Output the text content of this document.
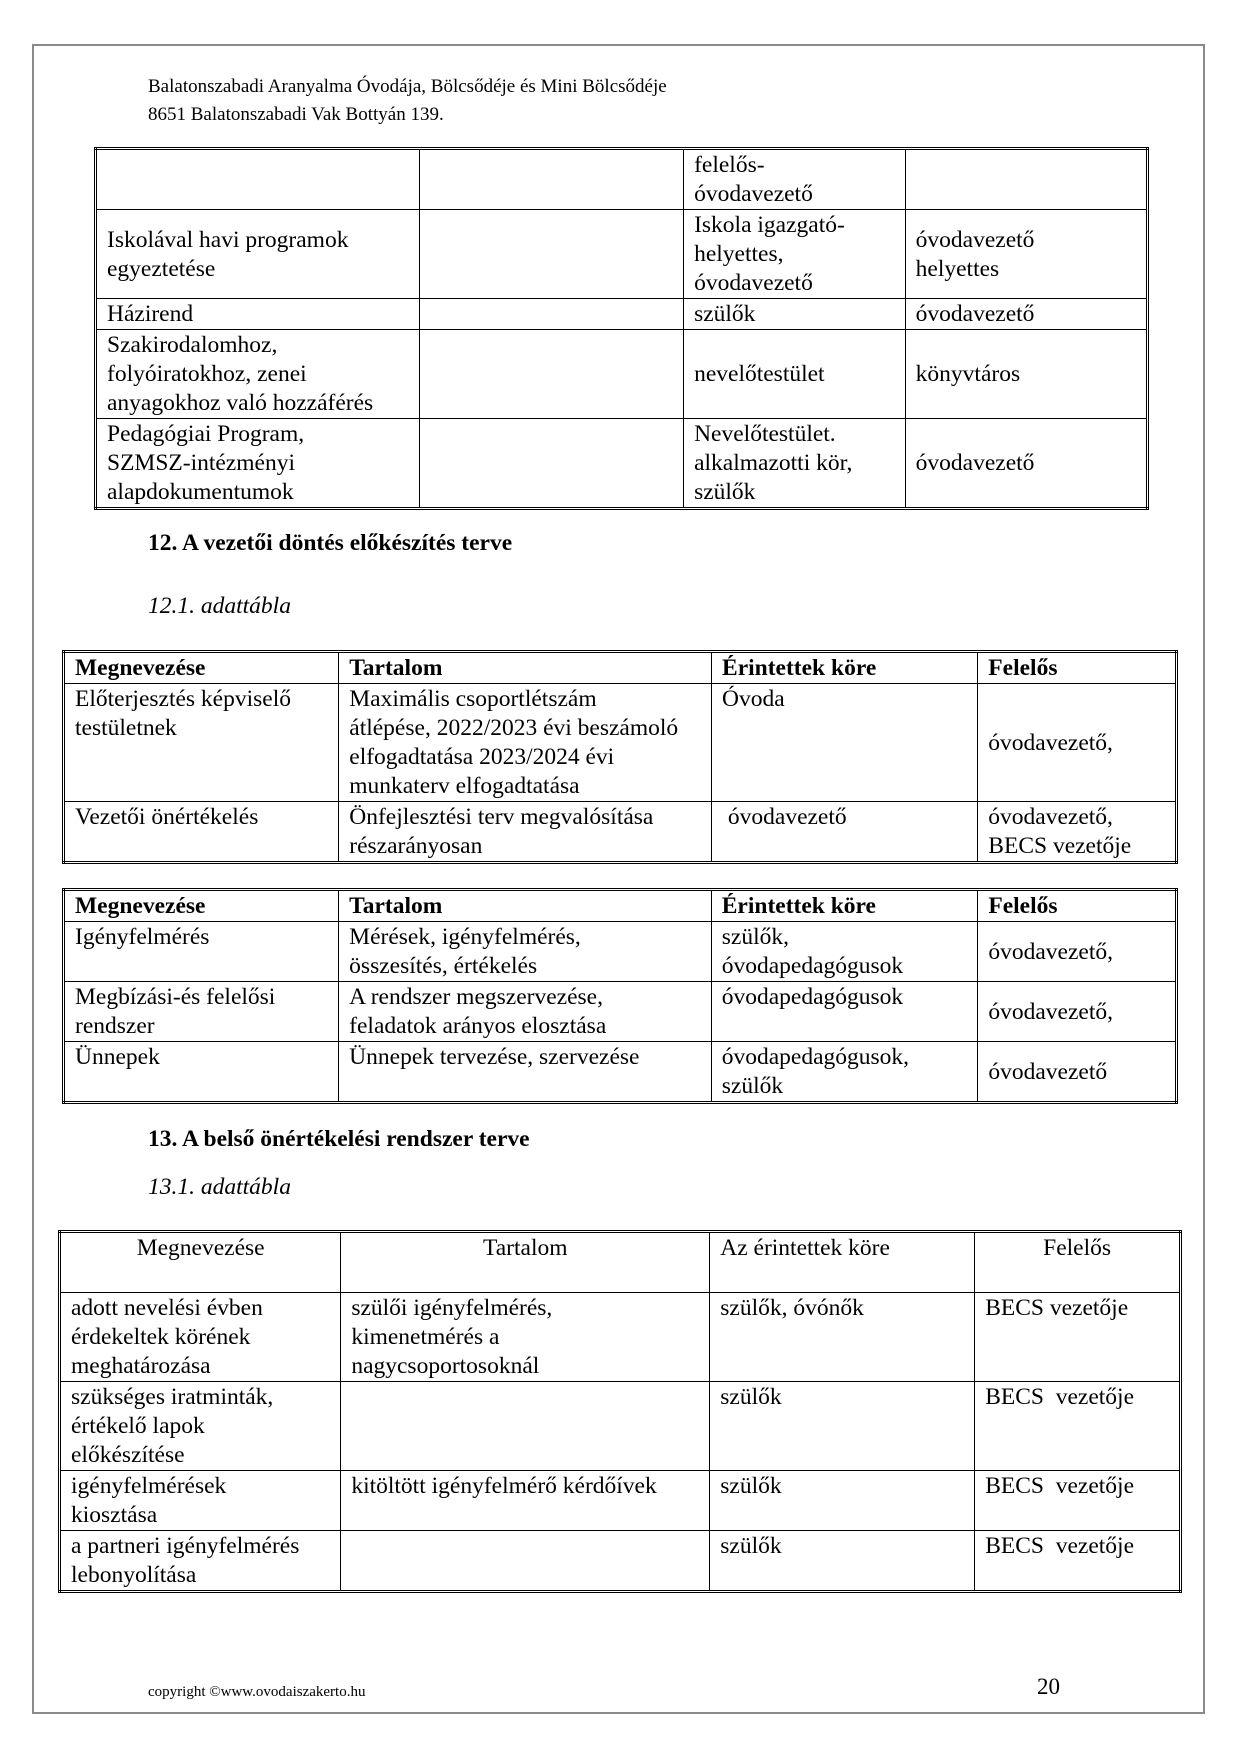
Balatonszabadi Aranyalma Óvodája, Bölcsődéje és Mini Bölcsődéje
8651 Balatonszabadi Vak Bottyán 139.
		felelős-
óvodavezető	
Iskolával havi programok egyeztetése		Iskola igazgató-
helyettes,
óvodavezető	óvodavezető
helyettes
Házirend		szülők	óvodavezető
Szakirodalomhoz,
folyóiratokhoz, zenei
anyagokhoz való hozzáférés		nevelőtestület	könyvtáros
Pedagógiai Program,
SZMSZ-intézményi
alapdokumentumok		Nevelőtestület.
alkalmazotti kör,
szülők	óvodavezető
12. A vezetői döntés előkészítés terve
12.1. adattábla
Megnevezése	Tartalom	Érintettek köre	Felelős
Előterjesztés képviselő
testületnek	Maximális csoportlétszám
átlépése, 2022/2023 évi beszámoló
elfogadtatása 2023/2024 évi
munkaterv elfogadtatása	Óvoda	óvodavezető,
Vezetői önértékelés	Önfejlesztési terv megvalósítása
részarányosan	óvodavezető	óvodavezető,
BECS vezetője
Megnevezése	Tartalom	Érintettek köre	Felelős
Igényfelmérés	Mérések, igényfelmérés,
összesítés, értékelés	szülők,
óvodapedagógusok	óvodavezető,
Megbízási-és felelősi
rendszer	A rendszer megszervezése,
feladatok arányos elosztása	óvodapedagógusok	óvodavezető,
Ünnepek	Ünnepek tervezése, szervezése	óvodapedagógusok,
szülők	óvodavezető
13. A belső önértékelési rendszer terve
13.1. adattábla
Megnevezése	Tartalom	Az érintettek köre	Felelős
adott nevelési évben
érdekeltek körének
meghatározása	szülői igényfelmérés,
kimenetmérés a
nagycsoportosoknál	szülők, óvónők	BECS vezetője
szükséges iratminták,
értékelő lapok
előkészítése		szülők	BECS  vezetője
igényfelmérések
kiosztása	kitöltött igényfelmérő kérdőívek	szülők	BECS  vezetője
a partneri igényfelmérés
lebonyolítása		szülők	BECS  vezetője
copyright ©www.ovodaiszakerto.hu	20
